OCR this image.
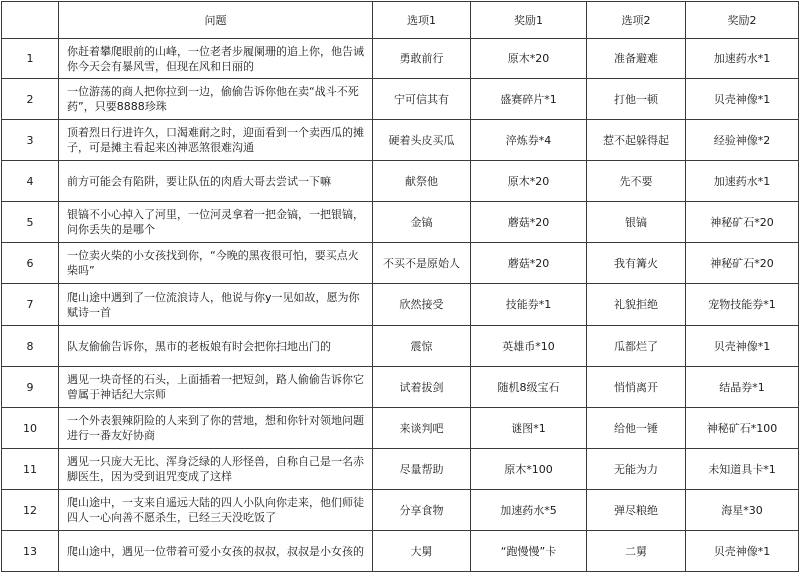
	问题	选项1	奖励1	选项2	奖励2
1	你赶着攀爬眼前的山峰，一位老者步履阑珊的追上你，他告诫你今天会有暴风雪，但现在风和日丽的	勇敢前行	原木*20	准备避难	加速药水*1
2	一位游荡的商人把你拉到一边，偷偷告诉你他在卖“战斗不死药”，只要8888珍珠	宁可信其有	盛赛碎片*1	打他一顿	贝壳神像*1
3	顶着烈日行进许久，口渴难耐之时，迎面看到一个卖西瓜的摊子，可是摊主看起来凶神恶煞很难沟通	硬着头皮买瓜	淬炼券*4	惹不起躲得起	经验神像*2
4	前方可能会有陷阱，要让队伍的肉盾大哥去尝试一下嘛	献祭他	原木*20	先不要	加速药水*1
5	银镐不小心掉入了河里，一位河灵拿着一把金镐，一把银镐，问你丢失的是哪个	金镐	蘑菇*20	银镐	神秘矿石*20
6	一位卖火柴的小女孩找到你，“今晚的黑夜很可怕，要买点火柴吗”	不买不是原始人	蘑菇*20	我有篝火	神秘矿石*20
7	爬山途中遇到了一位流浪诗人，他说与你y一见如故，愿为你赋诗一首	欣然接受	技能券*1	礼貌拒绝	宠物技能券*1
8	队友偷偷告诉你，黑市的老板娘有时会把你扫地出门的	震惊	英雄币*10	瓜都烂了	贝壳神像*1
9	遇见一块奇怪的石头，上面插着一把短剑，路人偷偷告诉你它曾属于神话纪大宗师	试着拔剑	随机8级宝石	悄悄离开	结晶券*1
10	一个外表狠辣阴险的人来到了你的营地，想和你针对领地问题进行一番友好协商	来谈判吧	谜图*1	给他一锤	神秘矿石*100
11	遇见一只庞大无比、浑身泛绿的人形怪兽，自称自己是一名赤脚医生，因为受到诅咒变成了这样	尽量帮助	原木*100	无能为力	未知道具卡*1
12	爬山途中，一支来自遥远大陆的四人小队向你走来，他们师徒四人一心向善不愿杀生，已经三天没吃饭了	分享食物	加速药水*5	弹尽粮绝	海星*30
13	爬山途中，遇见一位带着可爱小女孩的叔叔，叔叔是小女孩的	大舅	“跑慢慢”卡	二舅	贝壳神像*1
